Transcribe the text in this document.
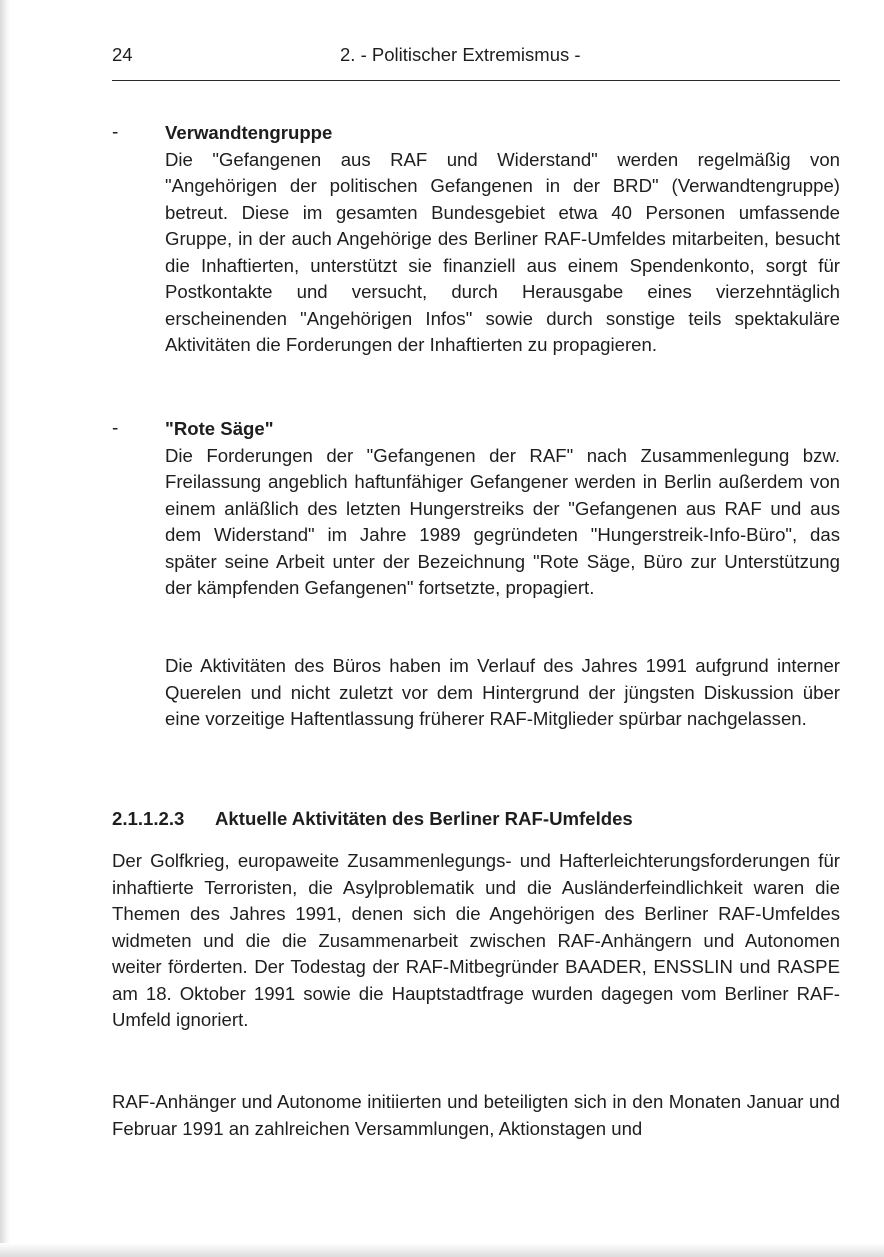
24	2. - Politischer Extremismus -
-	Verwandtengruppe

Die "Gefangenen aus RAF und Widerstand" werden regelmäßig von "Angehörigen der politischen Gefangenen in der BRD" (Verwandtengruppe) betreut. Diese im gesamten Bundesgebiet etwa 40 Personen umfassende Gruppe, in der auch Angehörige des Berliner RAF-Umfeldes mitarbeiten, besucht die Inhaftierten, unterstützt sie finanziell aus einem Spendenkonto, sorgt für Postkontakte und versucht, durch Herausgabe eines vierzehntäglich erscheinenden "Angehörigen Infos" sowie durch sonstige teils spektakuläre Aktivitäten die Forderungen der Inhaftierten zu propagieren.

-	"Rote Säge"

Die Forderungen der "Gefangenen der RAF" nach Zusammenlegung bzw. Freilassung angeblich haftunfähiger Gefangener werden in Berlin außerdem von einem anläßlich des letzten Hungerstreiks der "Gefangenen aus RAF und aus dem Widerstand" im Jahre 1989 gegründeten "Hungerstreik-Info-Büro", das später seine Arbeit unter der Bezeichnung "Rote Säge, Büro zur Unterstützung der kämpfenden Gefangenen" fortsetzte, propagiert.

Die Aktivitäten des Büros haben im Verlauf des Jahres 1991 aufgrund interner Querelen und nicht zuletzt vor dem Hintergrund der jüngsten Diskussion über eine vorzeitige Haftentlassung früherer RAF-Mitglieder spürbar nachgelassen.

2.1.1.2.3 Aktuelle Aktivitäten des Berliner RAF-Umfeldes

Der Golfkrieg, europaweite Zusammenlegungs- und Hafterleichterungsforderungen für inhaftierte Terroristen, die Asylproblematik und die Ausländerfeindlichkeit waren die Themen des Jahres 1991, denen sich die Angehörigen des Berliner RAF-Umfeldes widmeten und die die Zusammenarbeit zwischen RAF-Anhängern und Autonomen weiter förderten. Der Todestag der RAF-Mitbegründer BAADER, ENSSLIN und RASPE am 18. Oktober 1991 sowie die Hauptstadtfrage wurden dagegen vom Berliner RAF-Umfeld ignoriert.

RAF-Anhänger und Autonome initiierten und beteiligten sich in den Monaten Januar und Februar 1991 an zahlreichen Versammlungen, Aktionstagen und
